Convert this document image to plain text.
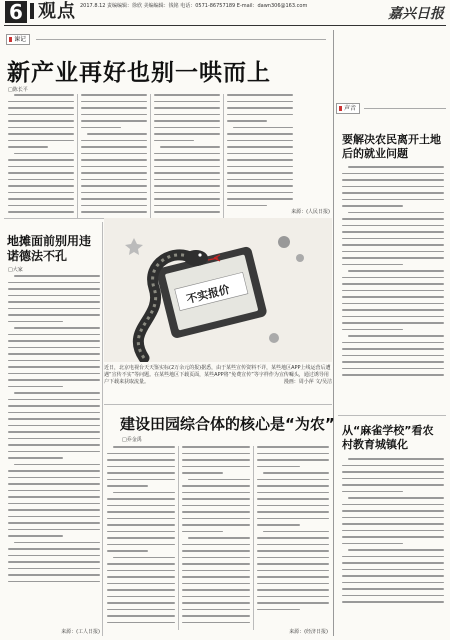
6 观点 2017.8.12 责编编辑：徐欣 美编编辑：钱铭 电话：0571-86757189 E-mail：dawn306@163.com	嘉兴日报
谏记
新产业再好也别一哄而上
□陈长平
来源：(人民日报)
地摊面前别用违诺德法不孔
□大家
来源：(工人日报)
不实报价
近日，北京电视台天天鉴实标(2万余元的报)据悉，由于某些宣传资料不详，某些地区APP上线运营后遭遇“宣传不实”等问题。在某些地区下载页面，某些APP将“免费宣传”等字样作为宣传噱头，通过诱导用户下载来获取流量。	漫画：周小萍 文/吴洁
建设田园综合体的核心是“为农”
□乔金禹
来源：(经济日报)
声音
要解决农民离开土地后的就业问题
从“麻雀学校”看农村教育城镇化
